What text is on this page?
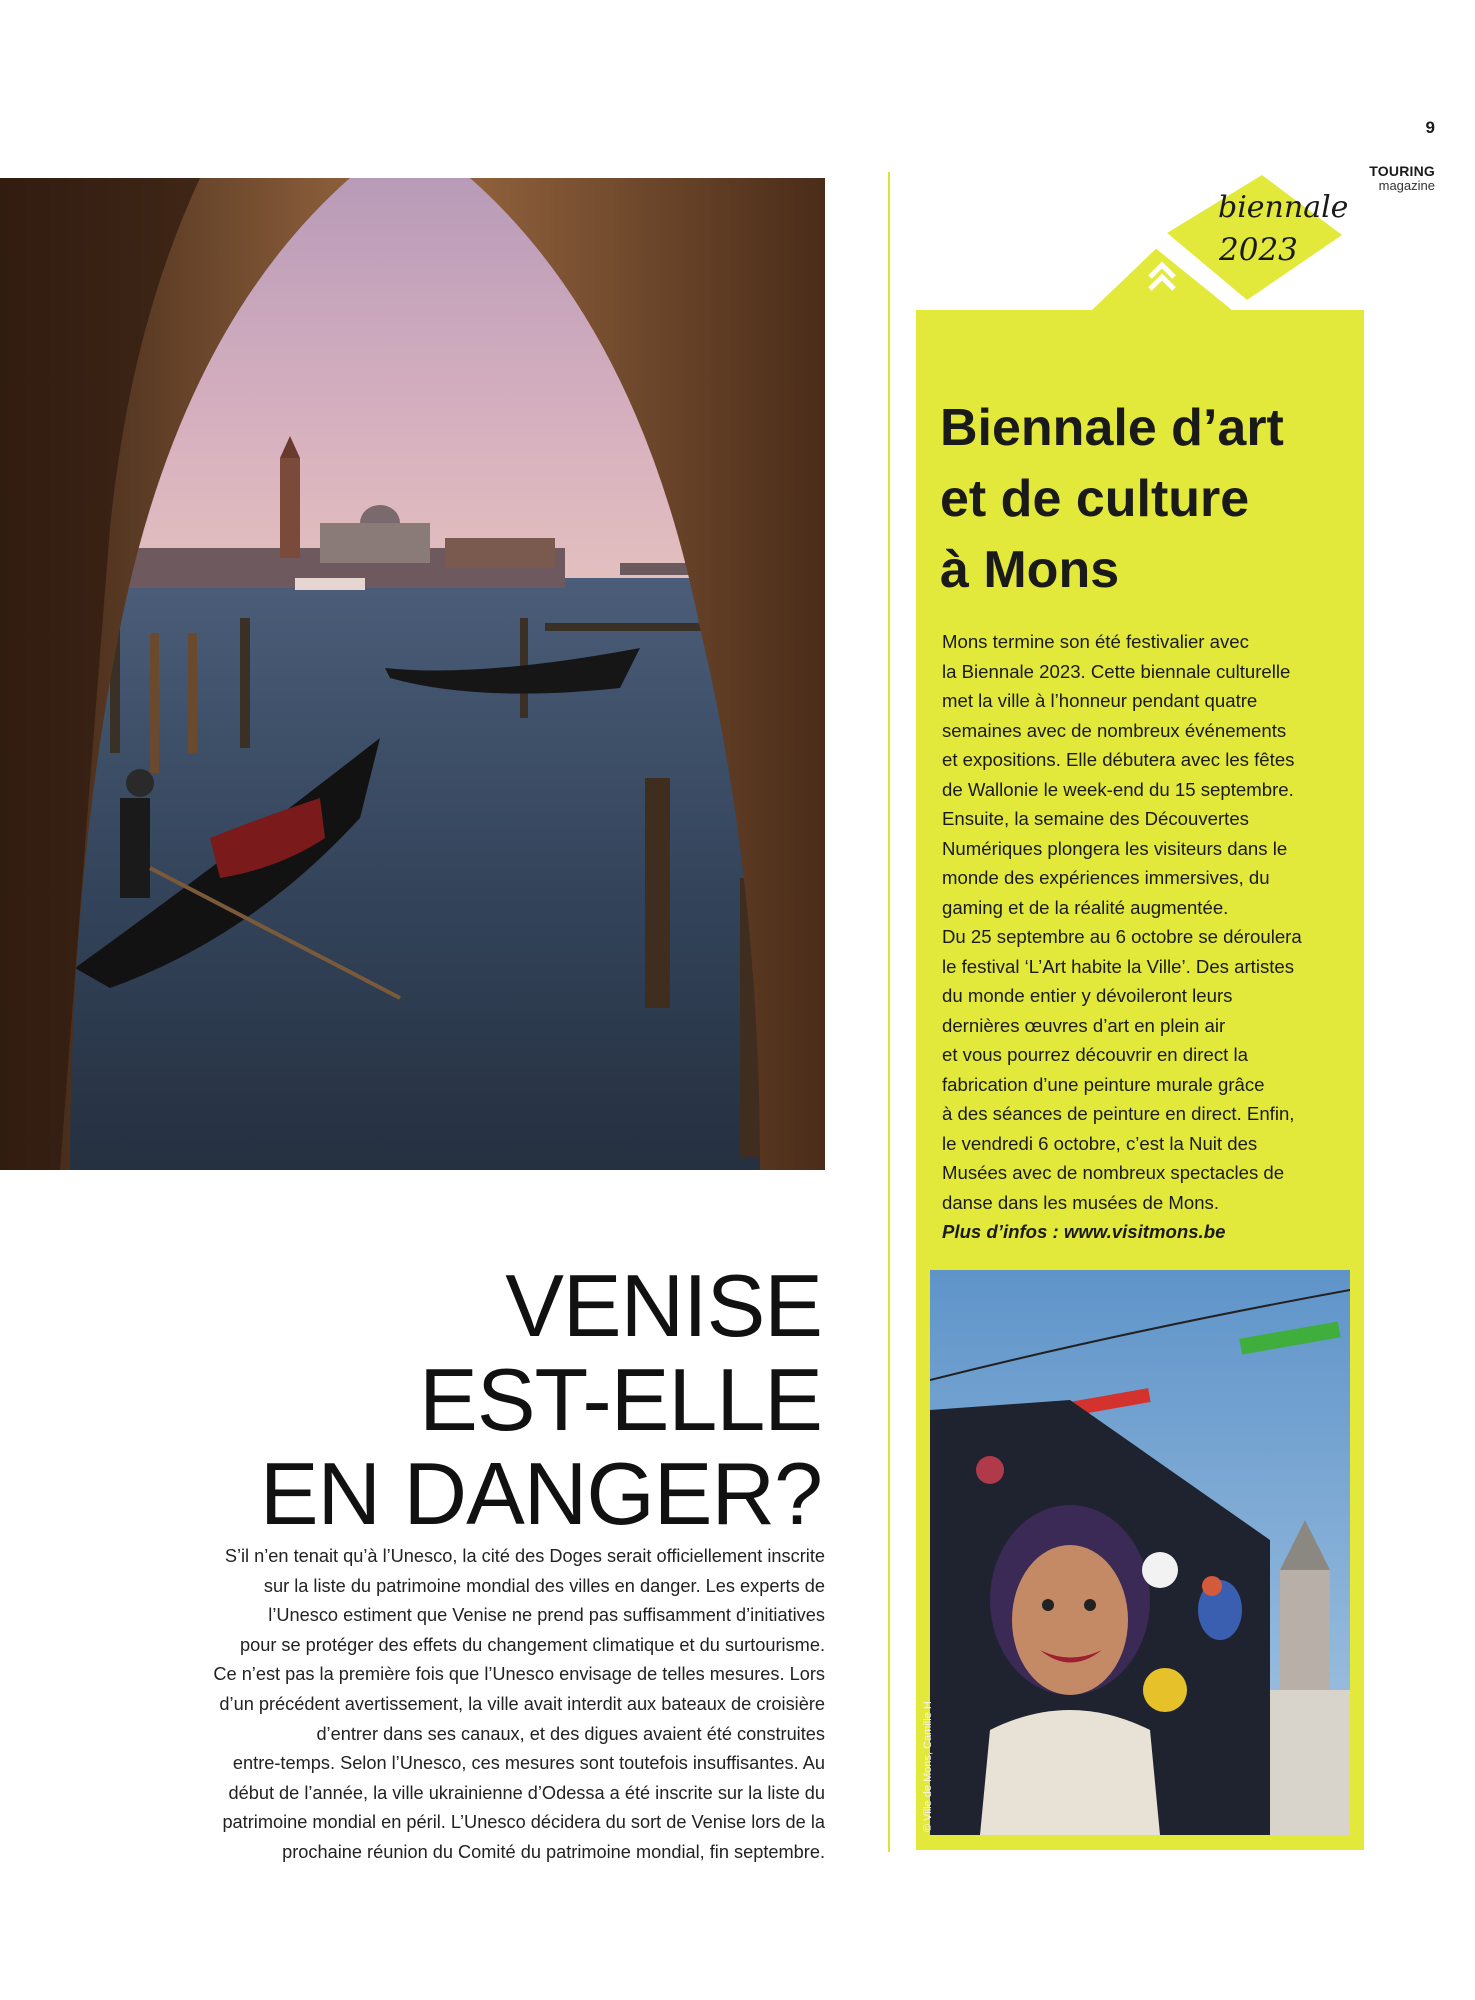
9
TOURING
magazine
VENISE
EST-ELLE
EN DANGER?
S’il n’en tenait qu’à l’Unesco, la cité des Doges serait officiellement inscrite
sur la liste du patrimoine mondial des villes en danger. Les experts de
l’Unesco estiment que Venise ne prend pas suffisamment d’initiatives
pour se protéger des effets du changement climatique et du surtourisme.
Ce n’est pas la première fois que l’Unesco envisage de telles mesures. Lors
d’un précédent avertissement, la ville avait interdit aux bateaux de croisière
d’entrer dans ses canaux, et des digues avaient été construites
entre-temps. Selon l’Unesco, ces mesures sont toutefois insuffisantes. Au
début de l’année, la ville ukrainienne d’Odessa a été inscrite sur la liste du
patrimoine mondial en péril. L’Unesco décidera du sort de Venise lors de la
prochaine réunion du Comité du patrimoine mondial, fin septembre.
biennale
2023
Biennale d’art
et de culture
à Mons
Mons termine son été festivalier avec
la Biennale 2023. Cette biennale culturelle
met la ville à l’honneur pendant quatre
semaines avec de nombreux événements
et expositions. Elle débutera avec les fêtes
de Wallonie le week-end du 15 septembre.
Ensuite, la semaine des Découvertes
Numériques plongera les visiteurs dans le
monde des expériences immersives, du
gaming et de la réalité augmentée.
Du 25 septembre au 6 octobre se déroulera
le festival ‘L’Art habite la Ville’. Des artistes
du monde entier y dévoileront leurs
dernières œuvres d’art en plein air
et vous pourrez découvrir en direct la
fabrication d’une peinture murale grâce
à des séances de peinture en direct. Enfin,
le vendredi 6 octobre, c’est la Nuit des
Musées avec de nombreux spectacles de
danse dans les musées de Mons.
Plus d’infos : www.visitmons.be
© Ville de Mons, Camille H
